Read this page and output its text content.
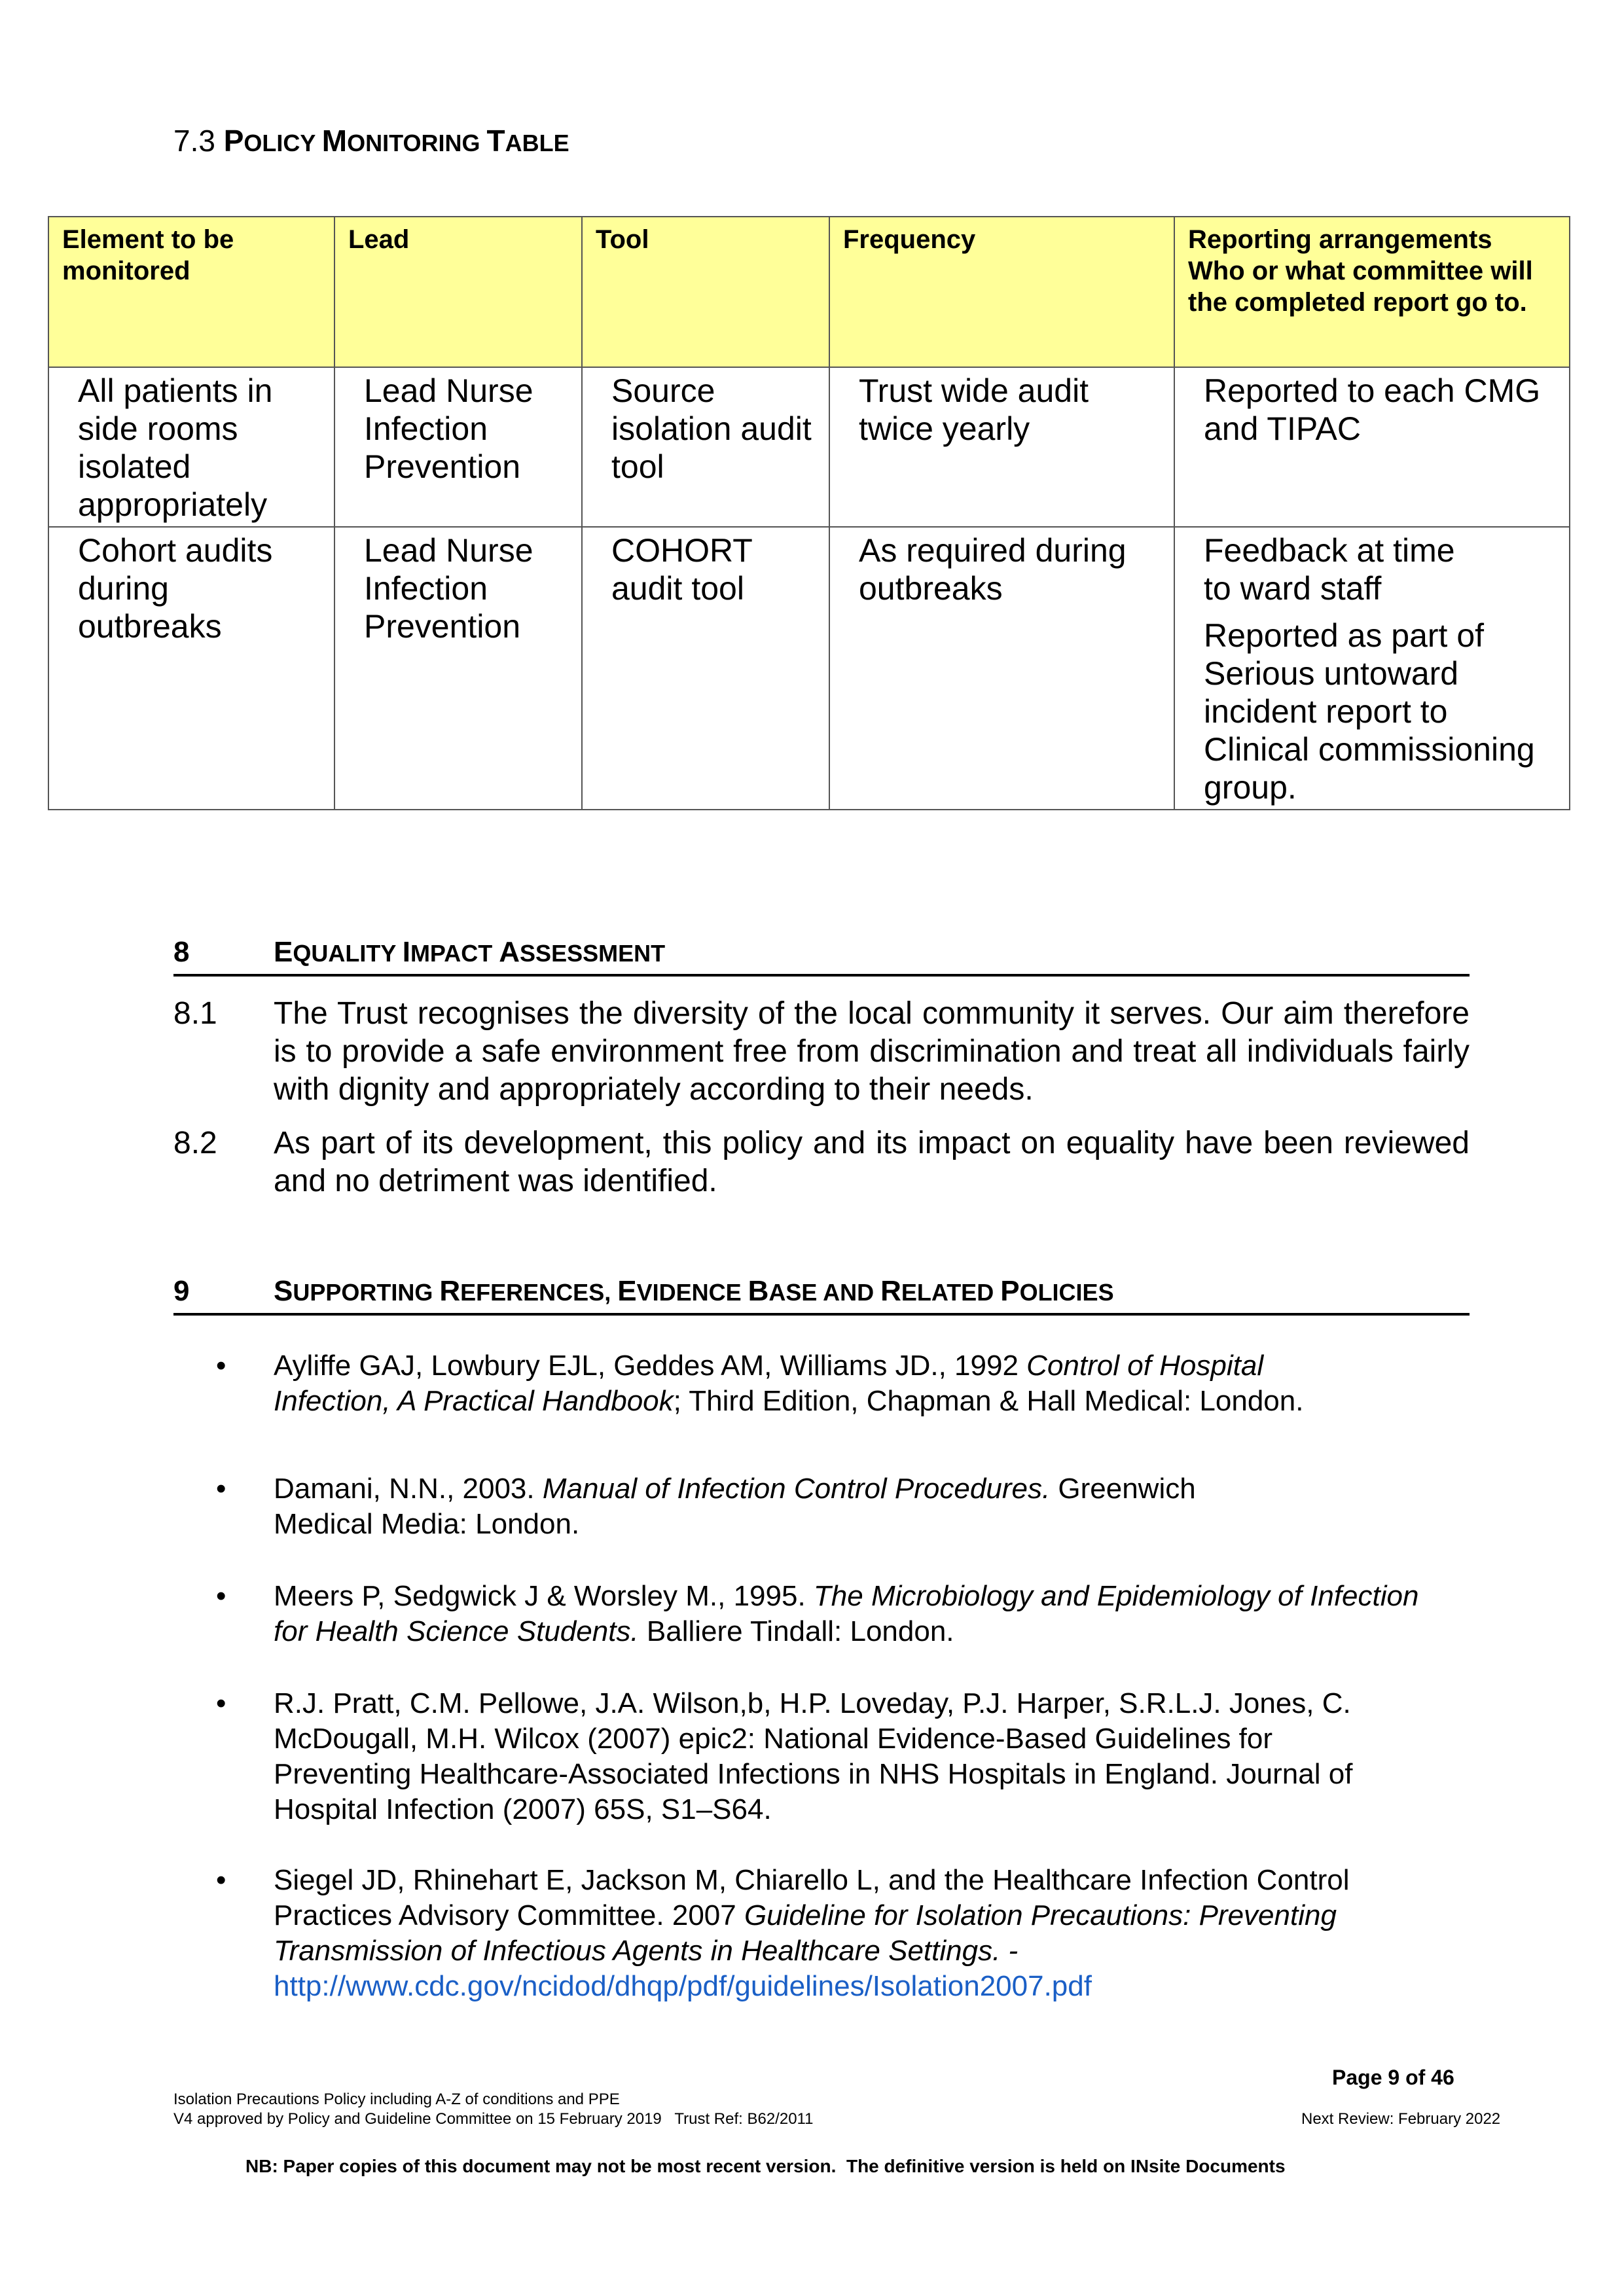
7.3 POLICY MONITORING TABLE
Element to be monitored	Lead	Tool	Frequency	Reporting arrangements Who or what committee will the completed report go to.
All patients in side rooms isolated appropriately	Lead Nurse Infection Prevention	Source isolation audit tool	Trust wide audit twice yearly	Reported to each CMG and TIPAC

Cohort audits during outbreaks	Lead Nurse Infection Prevention	COHORT audit tool	As required during outbreaks	Feedback at time to ward staff
Reported as part of Serious untoward incident report to Clinical commissioning group.
8	EQUALITY IMPACT ASSESSMENT
8.1 The Trust recognises the diversity of the local community it serves. Our aim therefore is to provide a safe environment free from discrimination and treat all individuals fairly with dignity and appropriately according to their needs.
8.2 As part of its development, this policy and its impact on equality have been reviewed and no detriment was identified.
9	SUPPORTING REFERENCES, EVIDENCE BASE AND RELATED POLICIES
• Ayliffe GAJ, Lowbury EJL, Geddes AM, Williams JD., 1992 Control of Hospital Infection, A Practical Handbook; Third Edition, Chapman & Hall Medical: London.
• Damani, N.N., 2003. Manual of Infection Control Procedures. Greenwich Medical Media: London.
• Meers P, Sedgwick J & Worsley M., 1995. The Microbiology and Epidemiology of Infection for Health Science Students. Balliere Tindall: London.
• R.J. Pratt, C.M. Pellowe, J.A. Wilson,b, H.P. Loveday, P.J. Harper, S.R.L.J. Jones, C. McDougall, M.H. Wilcox (2007) epic2: National Evidence-Based Guidelines for Preventing Healthcare-Associated Infections in NHS Hospitals in England. Journal of Hospital Infection (2007) 65S, S1–S64.
• Siegel JD, Rhinehart E, Jackson M, Chiarello L, and the Healthcare Infection Control Practices Advisory Committee. 2007 Guideline for Isolation Precautions: Preventing Transmission of Infectious Agents in Healthcare Settings. -
http://www.cdc.gov/ncidod/dhqp/pdf/guidelines/Isolation2007.pdf
Page 9 of 46
Isolation Precautions Policy including A-Z of conditions and PPE
V4 approved by Policy and Guideline Committee on 15 February 2019   Trust Ref: B62/2011	Next Review: February 2022
NB: Paper copies of this document may not be most recent version.  The definitive version is held on INsite Documents
